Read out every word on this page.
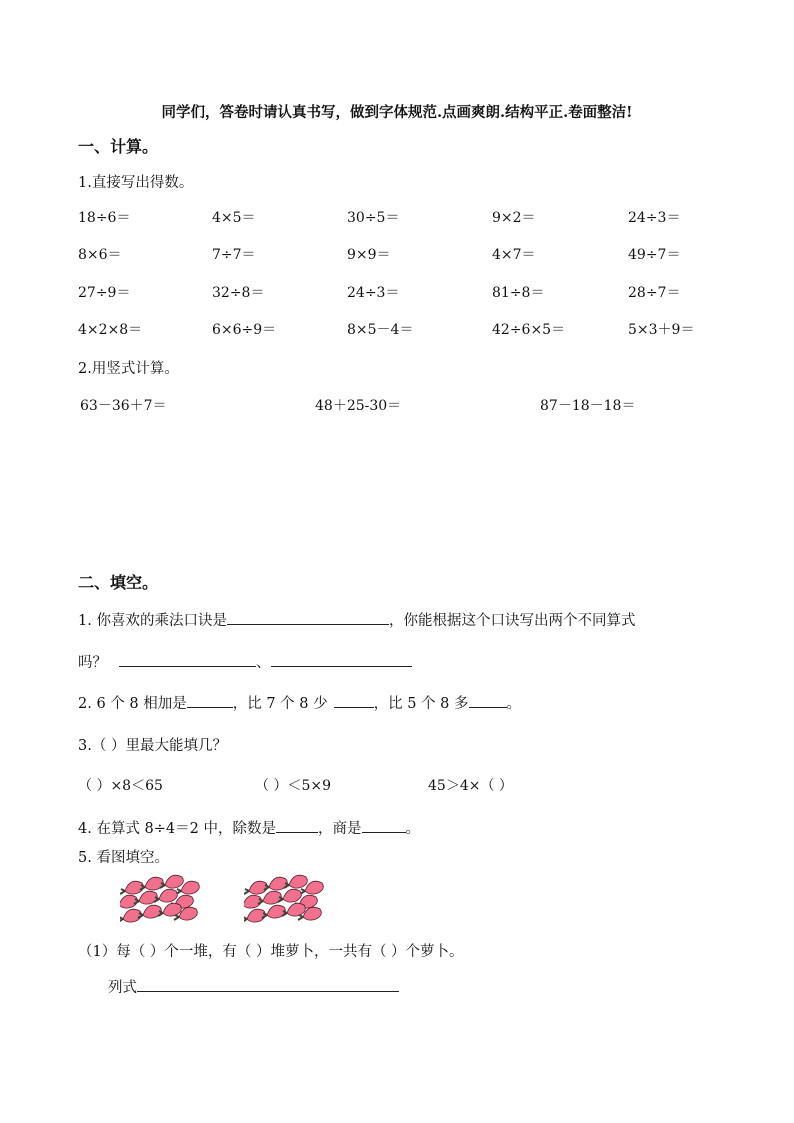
同学们，答卷时请认真书写，做到字体规范.点画爽朗.结构平正.卷面整洁!
一、计算。
1.直接写出得数。
18÷6＝	4×5＝	30÷5＝	9×2＝	24÷3＝
8×6＝	7÷7＝	9×9＝	4×7＝	49÷7＝
27÷9＝	32÷8＝	24÷3＝	81÷8＝	28÷7＝
4×2×8＝	6×6÷9＝	8×5－4＝	42÷6×5＝	5×3＋9＝
2.用竖式计算。
63－36＋7＝	48＋25-30＝	87－18－18＝
二、填空。
1. 你喜欢的乘法口诀是	，你能根据这个口诀写出两个不同算式
吗？	、
2. 6 个 8 相加是	，比 7 个 8 少	，比 5 个 8 多	。
3.（ ）里最大能填几？
（ ）×8＜65	（ ）＜5×9	45＞4×（ ）
4. 在算式 8÷4＝2 中，除数是	，商是	。
5. 看图填空。
（1）每（ ）个一堆，有（ ）堆萝卜，一共有（ ）个萝卜。
列式
